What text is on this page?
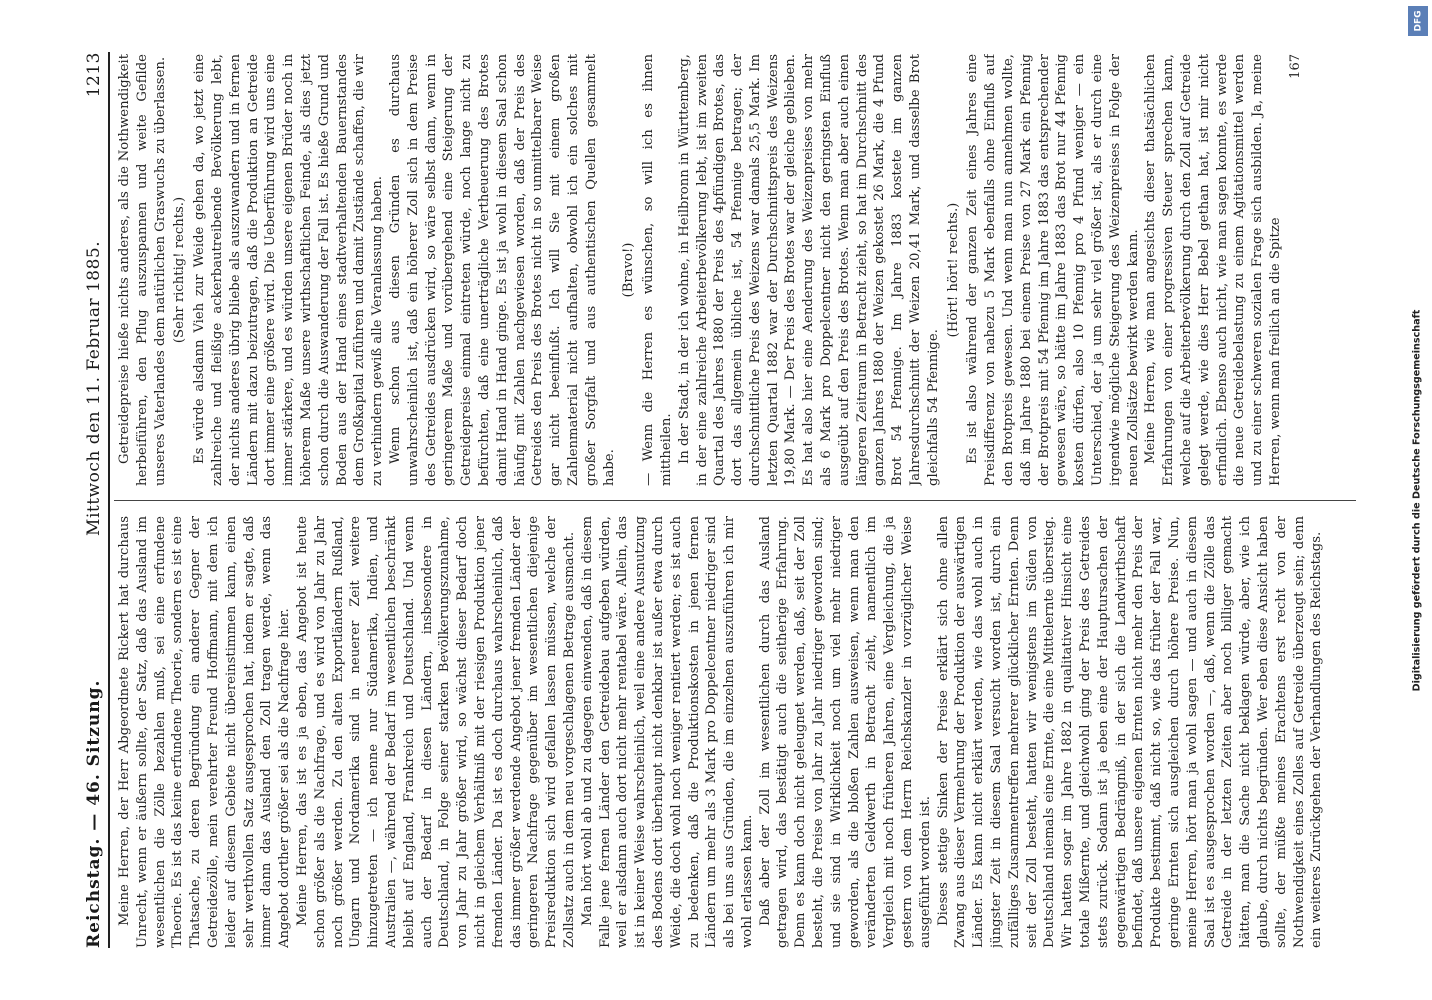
Reichstag. — 46. Sitzung.
Mittwoch den 11. Februar 1885.
1213

Meine Herren, der Herr Abgeordnete Rickert hat durchaus Unrecht, wenn er äußern sollte, der Satz, daß das Ausland im wesentlichen die Zölle bezahlen muß, sei eine erfundene Theorie. Es ist das keine erfundene Theorie, sondern es ist eine Thatsache, zu deren Begründung ein anderer Gegner der Getreidezölle, mein verehrter Freund Hoffmann, mit dem ich leider auf diesem Gebiete nicht übereinstimmen kann, einen sehr werthvollen Satz ausgesprochen hat, indem er sagte, daß immer dann das Ausland den Zoll tragen werde, wenn das Angebot dorther größer sei als die Nachfrage hier. Meine Herren, das ist es ja eben, das Angebot ist heute schon größer als die Nachfrage, und es wird von Jahr zu Jahr noch größer werden. Zu den alten Exportländern Rußland, Ungarn und Nordamerika sind in neuerer Zeit weitere hinzugetreten — ich nenne nur Südamerika, Indien, und Australien —, während der Bedarf im wesentlichen beschränkt bleibt auf England, Frankreich und Deutschland. Und wenn auch der Bedarf in diesen Ländern, insbesondere in Deutschland, in Folge seiner starken Bevölkerungszunahme, von Jahr zu Jahr größer wird, so wächst dieser Bedarf doch nicht in gleichem Verhältniß mit der riesigen Produktion jener fremden Länder. Da ist es doch durchaus wahrscheinlich, daß das immer größer werdende Angebot jener fremden Länder der geringeren Nachfrage gegenüber im wesentlichen diejenige Preisreduktion sich wird gefallen lassen müssen, welche der Zollsatz auch in dem neu vorgeschlagenen Betrage ausmacht. Man hört wohl ab und zu dagegen einwenden, daß in diesem Falle jene fernen Länder den Getreidebau aufgeben würden, weil er alsdann auch dort nicht mehr rentabel wäre. Allein, das ist in keiner Weise wahrscheinlich, weil eine andere Ausnutzung des Bodens dort überhaupt nicht denkbar ist außer etwa durch Weide, die doch wohl noch weniger rentiert werden; es ist auch zu bedenken, daß die Produktionskosten in jenen fernen Ländern um mehr als 3 Mark pro Doppelcentner niedriger sind als bei uns aus Gründen, die im einzelnen auszuführen ich mir wohl erlassen kann. Daß aber der Zoll im wesentlichen durch das Ausland getragen wird, das bestätigt auch die seitherige Erfahrung. Denn es kann doch nicht geleugnet werden, daß, seit der Zoll besteht, die Preise von Jahr zu Jahr niedriger geworden sind; und sie sind in Wirklichkeit noch um viel mehr niedriger geworden, als die bloßen Zahlen ausweisen, wenn man den veränderten Geldwerth in Betracht zieht, namentlich im Vergleich mit noch früheren Jahren, eine Vergleichung, die ja gestern von dem Herrn Reichskanzler in vorzüglicher Weise ausgeführt worden ist. Dieses stetige Sinken der Preise erklärt sich ohne allen Zwang aus dieser Vermehrung der Produktion der auswärtigen Länder. Es kann nicht erklärt werden, wie das wohl auch in jüngster Zeit in diesem Saal versucht worden ist, durch ein zufälliges Zusammentreffen mehrerer glücklicher Ernten. Denn seit der Zoll besteht, hatten wir wenigstens im Süden von Deutschland niemals eine Ernte, die eine Mittelernte überstieg. Wir hatten sogar im Jahre 1882 in qualitativer Hinsicht eine totale Mißernte, und gleichwohl ging der Preis des Getreides stets zurück. Sodann ist ja eben eine der Hauptursachen der gegenwärtigen Bedrängniß, in der sich die Landwirthschaft befindet, daß unsere eigenen Ernten nicht mehr den Preis der Produkte bestimmt, daß nicht so, wie das früher der Fall war, geringe Ernten sich ausgleichen durch höhere Preise. Nun, meine Herren, hört man ja wohl sagen — und auch in diesem Saal ist es ausgesprochen worden —, daß, wenn die Zölle das Getreide in der letzten Zeiten aber noch billiger gemacht hätten, man die Sache nicht beklagen würde, aber, wie ich glaube, durch nichts begründen. Wer eben diese Ansicht haben sollte, der müßte meines Erachtens erst recht von der Nothwendigkeit eines Zolles auf Getreide überzeugt sein; denn ein weiteres Zurückgehen der Verhandlungen des Reichstags.

Getreidepreise hieße nichts anderes, als die Nothwendigkeit herbeiführen, den Pflug auszuspannen und weite Gefilde unseres Vaterlandes dem natürlichen Graswuchs zu überlassen. (Sehr richtig! rechts.) Es würde alsdann Vieh zur Weide gehen da, wo jetzt eine zahlreiche und fleißige ackerbautreibende Bevölkerung lebt, der nichts anderes übrig bliebe als auszuwandern und in fernen Ländern mit dazu beizutragen, daß die Produktion an Getreide dort immer eine größere wird. Die Ueberführung wird uns eine immer stärkere, und es würden unsere eigenen Brüder noch in höherem Maße unsere wirthschaftlichen Feinde, als dies jetzt schon durch die Auswanderung der Fall ist. Es hieße Grund und Boden aus der Hand eines stadtverhaltenden Bauernstandes dem Großkapital zuführen und damit Zustände schaffen, die wir zu verhindern gewiß alle Veranlassung haben. Wenn schon aus diesen Gründen es durchaus unwahrscheinlich ist, daß ein höherer Zoll sich in dem Preise des Getreides ausdrücken wird, so wäre selbst dann, wenn in geringerem Maße und vorübergehend eine Steigerung der Getreidepreise einmal eintreten würde, noch lange nicht zu befürchten, daß eine unerträgliche Vertheuerung des Brotes damit Hand in Hand ginge. Es ist ja wohl in diesem Saal schon häufig mit Zahlen nachgewiesen worden, daß der Preis des Getreides den Preis des Brotes nicht in so unmittelbarer Weise gar nicht beeinflußt. Ich will Sie mit einem großen Zahlenmaterial nicht aufhalten, obwohl ich ein solches mit großer Sorgfalt und aus authentischen Quellen gesammelt habe.

(Bravo!) — Wenn die Herren es wünschen, so will ich es ihnen mittheilen. In der Stadt, in der ich wohne, in Heilbronn in Württemberg, in der eine zahlreiche Arbeiterbevölkerung lebt, ist im zweiten Quartal des Jahres 1880 der Preis des 4pfündigen Brotes, das dort das allgemein übliche ist, 54 Pfennige betragen; der durchschnittliche Preis des Weizens war damals 25,5 Mark. Im letzten Quartal 1882 war der Durchschnittspreis des Weizens 19,80 Mark. — Der Preis des Brotes war der gleiche geblieben. Es hat also hier eine Aenderung des Weizenpreises von mehr als 6 Mark pro Doppelcentner nicht den geringsten Einfluß ausgeübt auf den Preis des Brotes. Wenn man aber auch einen längeren Zeitraum in Betracht zieht, so hat im Durchschnitt des ganzen Jahres 1880 der Weizen gekostet 26 Mark, die 4 Pfund Brot 54 Pfennige. Im Jahre 1883 kostete im ganzen Jahresdurchschnitt der Weizen 20,41 Mark, und dasselbe Brot gleichfalls 54 Pfennige.

(Hört! hört! rechts.) Es ist also während der ganzen Zeit eines Jahres eine Preisdifferenz von nahezu 5 Mark ebenfalls ohne Einfluß auf den Brotpreis gewesen. Und wenn man nun annehmen wollte, daß im Jahre 1880 bei einem Preise von 27 Mark ein Pfennig der Brotpreis mit 54 Pfennig im Jahre 1883 das entsprechender gewesen wäre, so hätte im Jahre 1883 das Brot nur 44 Pfennig kosten dürfen, also 10 Pfennig pro 4 Pfund weniger — ein Unterschied, der ja um sehr viel größer ist, als er durch eine irgendwie mögliche Steigerung des Weizenpreises in Folge der neuen Zollsätze bewirkt werden kann. Meine Herren, wie man angesichts dieser thatsächlichen Erfahrungen von einer progressiven Steuer sprechen kann, welche auf die Arbeiterbevölkerung durch den Zoll auf Getreide gelegt werde, wie dies Herr Bebel gethan hat, ist mir nicht erfindlich. Ebenso auch nicht, wie man sagen konnte, es werde die neue Getreidebelastung zu einem Agitationsmittel werden und zu einer schweren sozialen Frage sich ausbilden. Ja, meine Herren, wenn man freilich an die Spitze

167
DFG
Digitalisierung gefördert durch die Deutsche Forschungsgemeinschaft
